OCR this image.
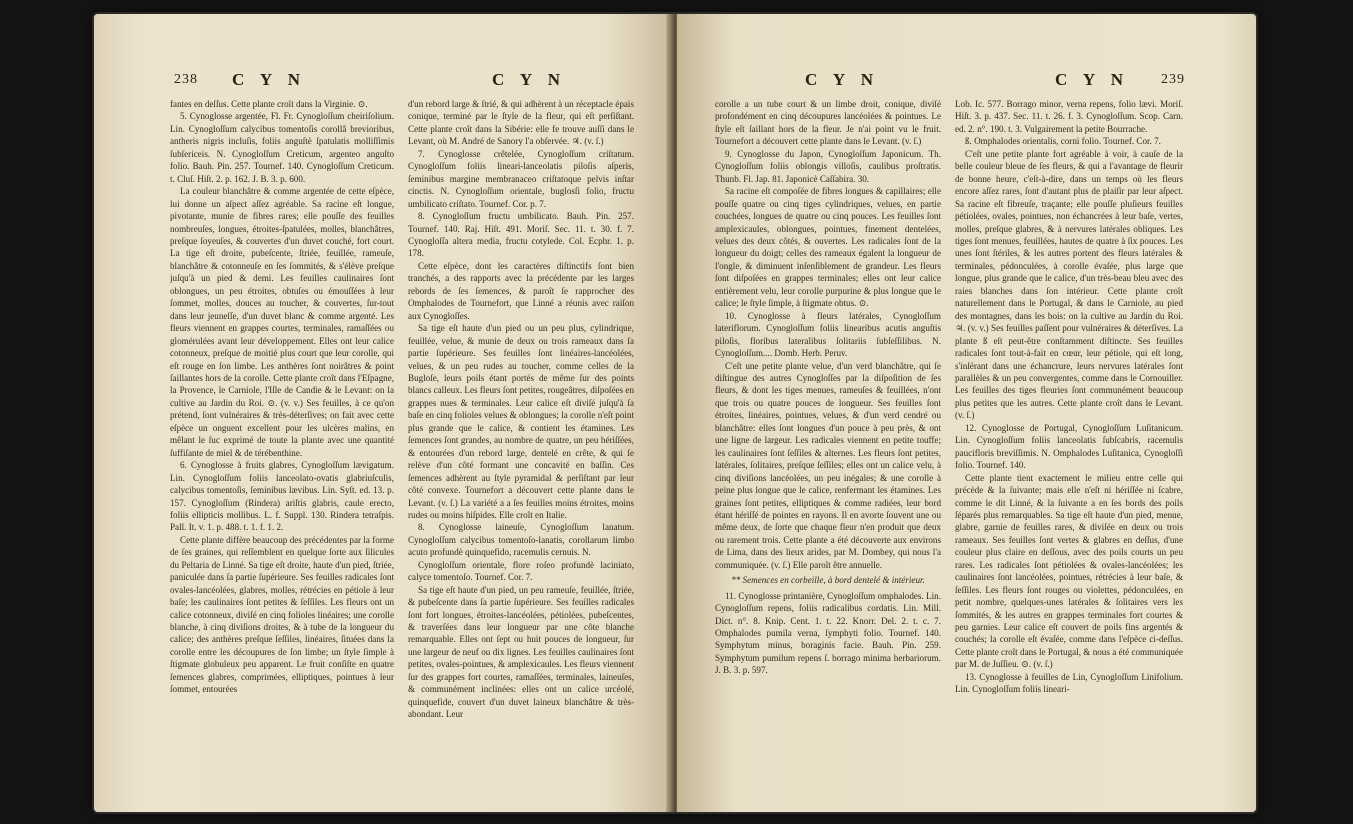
238 C Y N	C Y N

fantes en deſſus. Cette plante croît dans la Virginie. ⊙.

5. Cynoglosse argentée, Fl. Fr. Cynogloſſum cheiriſolium. Lin. Cynogloſſum calycibus tomentoſis corollâ brevioribus, antheris nigris incluſis, foliis anguſtè ſpatulatis molliſſimis ſubſericeis. N. Cynogloſſum Creticum, argenteo anguſto folio. Bauh. Pin. 257. Tournef. 140. Cynogloſſum Creticum. t. Cluſ. Hiſt. 2. p. 162. J. B. 3. p. 600.

La couleur blanchâtre & comme argentée de cette eſpèce, lui donne un aſpect aſſez agréable. Sa racine eſt longue, pivotante, munie de fibres rares; elle pouſſe des feuilles nombreuſes, longues, étroites-ſpatulées, molles, blanchâtres, preſque ſoyeuſes, & couvertes d'un duvet couché, fort court. La tige eſt droite, pubeſcente, ſtriée, feuillée, rameuſe, blanchâtre & cotonneuſe en ſes ſommités, & s'élève preſque juſqu'à un pied & demi. Les feuilles caulinaires ſont oblongues, un peu étroites, obtuſes ou émouſſées à leur ſommet, molles, douces au toucher, & couvertes, ſur-tout dans leur jeuneſſe, d'un duvet blanc & comme argenté. Les fleurs viennent en grappes courtes, terminales, ramaſſées ou glomérulées avant leur développement. Elles ont leur calice cotonneux, preſque de moitié plus court que leur corolle, qui eſt rouge en ſon limbe. Les anthères ſont noirâtres & point ſaillantes hors de la corolle. Cette plante croît dans l'Eſpagne, la Provence, le Carniole, l'Iſle de Candie & le Levant: on la cultive au Jardin du Roi. ⊙. (v. v.) Ses feuilles, à ce qu'on prétend, ſont vulnéraires & très-déterſives; on fait avec cette eſpèce un onguent excellent pour les ulcères malins, en mêlant le ſuc exprimé de toute la plante avec une quantité ſuffiſante de miel & de térébenthine.

6. Cynoglosse à fruits glabres, Cynogloſſum lævigatum. Lin. Cynogloſſum foliis lanceolato-ovatis glabriuſculis, calycibus tomentoſis, ſeminibus lævibus. Lin. Syſt. ed. 13. p. 157. Cynogloſſum (Rindera) ariſtis glabris, caule erecto, foliis ellipticis mollibus. L. f. Suppl. 130. Rindera tetraſpis. Pall. It. v. 1. p. 488. t. 1. f. 1. 2.

Cette plante diffère beaucoup des précédentes par la forme de ſes graines, qui reſſemblent en quelque ſorte aux ſilicules du Peltaria de Linné. Sa tige eſt droite, haute d'un pied, ſtriée, paniculée dans ſa partie ſupérieure. Ses feuilles radicales ſont ovales-lancéolées, glabres, molles, rétrécies en pétiole à leur baſe; les caulinaires ſont petites & ſeſſiles. Les fleurs ont un calice cotonneux, diviſé en cinq folioles linéaires; une corolle blanche, à cinq diviſions droites, & à tube de la longueur du calice; des anthères preſque ſeſſiles, linéaires, ſituées dans la corolle entre les découpures de ſon limbe; un ſtyle ſimple à ſtigmate globuleux peu apparent. Le fruit conſiſte en quatre ſemences glabres, comprimées, elliptiques, pointues à leur ſommet, entourées

d'un rebord large & ſtrié, & qui adhèrent à un réceptacle épais conique, terminé par le ſtyle de la fleur, qui eſt perſiſtant. Cette plante croît dans la Sibérie: elle fe trouve auſſi dans le Levant, où M. André de Sanory l'a obſervée. ♃. (v. ſ.)

7. Cynoglosse crêtelée, Cynogloſſum criſtatum. Cynogloſſum foliis lineari-lanceolatis piloſis aſperis, ſeminibus margine membranaceo criſtatoque pelvis inſtar cinctis. N. Cynogloſſum orientale, buglosſi folio, fructu umbilicato criſtato. Tournef. Cor. p. 7.

8. Cynogloſſum fructu umbilicato. Bauh. Pin. 257. Tournef. 140. Raj. Hiſt. 491. Moriſ. Sec. 11. t. 30. f. 7. Cynogloſſa altera media, fructu cotylede. Col. Ecphr. 1. p. 178.

Cette eſpèce, dont les caractères diſtinctifs ſont bien tranchés, a des rapports avec la précédente par les larges rebords de ſes ſemences, & paroît ſe rapprocher des Omphalodes de Tournefort, que Linné a réunis avec raiſon aux Cynogloſſes.

Sa tige eſt haute d'un pied ou un peu plus, cylindrique, feuillée, velue, & munie de deux ou trois rameaux dans ſa partie ſupérieure. Ses feuilles ſont linéaires-lancéolées, velues, & un peu rudes au toucher, comme celles de la Bugloſe, leurs poils étant portés de même ſur des points blancs calleux. Les fleurs ſont petites, rougeâtres, diſpoſées en grappes nues & terminales. Leur calice eſt diviſé juſqu'à ſa baſe en cinq folioles velues & oblongues; la corolle n'eſt point plus grande que le calice, & contient les étamines. Les ſemences ſont grandes, au nombre de quatre, un peu hériſſées, & entourées d'un rebord large, dentelé en crête, & qui ſe relève d'un côté formant une concavité en baſſin. Ces ſemences adhèrent au ſtyle pyramidal & perſiſtant par leur côté convexe. Tournefort a découvert cette plante dans le Levant. (v. ſ.) La variété a a ſes feuilles moins étroites, moins rudes ou moins hiſpides. Elle croît en Italie.

8. Cynoglosse laineuſe, Cynogloſſum lanatum. Cynogloſſum calycibus tomentoſo-lanatis, corollarum limbo acuto profundè quinquefido, racemulis cernuis. N.

Cynogloſſum orientale, flore roſeo profundè laciniato, calyce tomentoſo. Tournef. Cor. 7.

Sa tige eſt haute d'un pied, un peu rameuſe, feuillée, ſtriée, & pubeſcente dans ſa partie ſupérieure. Ses feuilles radicales ſont fort longues, étroites-lancéolées, pétiolées, pubeſcentes, & traverſées dans leur longueur par une côte blanche remarquable. Elles ont ſept ou huit pouces de longueur, ſur une largeur de neuf ou dix lignes. Les feuilles caulinaires ſont petites, ovales-pointues, & amplexicaules. Les fleurs viennent ſur des grappes fort courtes, ramaſſées, terminales, laineuſes, & communément inclinées: elles ont un calice urcéolé, quinquefide, couvert d'un duvet laineux blanchâtre & très-abondant. Leur

C Y N	C Y N 239

corolle a un tube court & un limbe droit, conique, diviſé profondément en cinq découpures lancéolées & pointues. Le ſtyle eſt ſaillant hors de la fleur. Je n'ai point vu le fruit. Tournefort a découvert cette plante dans le Levant. (v. ſ.)

9. Cynoglosse du Japon, Cynogloſſum Japonicum. Th. Cynogloſſum foliis oblongis villoſis, caulibus proſtratis. Thunb. Fl. Jap. 81. Japonicè Caſſabira. 30.

Sa racine eſt compoſée de fibres longues & capillaires; elle pouſſe quatre ou cinq tiges cylindriques, velues, en partie couchées, longues de quatre ou cinq pouces. Les feuilles ſont amplexicaules, oblongues, pointues, finement dentelées, velues des deux côtés, & ouvertes. Les radicales ſont de la longueur du doigt; celles des rameaux égalent la longueur de l'ongle, & diminuent inſenſiblement de grandeur. Les fleurs ſont diſpoſées en grappes terminales; elles ont leur calice entièrement velu, leur corolle purpurine & plus longue que le calice; le ſtyle ſimple, à ſtigmate obtus. ⊙.

10. Cynoglosse à fleurs latérales, Cynogloſſum lateriflorum. Cynogloſſum foliis linearibus acutis anguſtis piloſis, floribus lateralibus ſolitariis ſubſeſſilibus. N. Cynogloſſum.... Domb. Herb. Peruv.

C'eſt une petite plante velue, d'un verd blanchâtre, qui ſe diſtingue des autres Cynogloſſes par la diſpoſition de ſes fleurs, & dont les tiges menues, rameuſes & feuillées, n'ont que trois ou quatre pouces de longueur. Ses feuilles ſont étroites, linéaires, pointues, velues, & d'un verd cendré ou blanchâtre: elles ſont longues d'un pouce à peu près, & ont une ligne de largeur. Les radicales viennent en petite touffe; les caulinaires ſont ſeſſiles & alternes. Les fleurs ſont petites, latérales, ſolitaires, preſque ſeſſiles; elles ont un calice velu, à cinq diviſions lancéolées, un peu inégales; & une corolle à peine plus longue que le calice, renfermant les étamines. Les graines ſont petites, elliptiques & comme radiées, leur bord étant hériſſé de pointes en rayons. Il en avorte ſouvent une ou même deux, de ſorte que chaque fleur n'en produit que deux ou rarement trois. Cette plante a été découverte aux environs de Lima, dans des lieux arides, par M. Dombey, qui nous l'a communiquée. (v. ſ.) Elle paroît être annuelle.

** Semences en corbeille, à bord dentelé & intérieur.

11. Cynoglosse printanière, Cynogloſſum omphalodes. Lin. Cynogloſſum repens, foliis radicalibus cordatis. Lin. Mill. Dict. n°. 8. Knip. Cent. 1. t. 22. Knorr. Del. 2. t. c. 7. Omphalodes pumila verna, ſymphyti folio. Tournef. 140. Symphytum minus, boraginis facie. Bauh. Pin. 259. Symphytum pumilum repens ſ. borrago minima herbariorum. J. B. 3. p. 597.

Lob. Ic. 577. Borrago minor, verna repens, folio lævi. Moriſ. Hiſt. 3. p. 437. Sec. 11. t. 26. f. 3. Cynogloſſum. Scop. Carn. ed. 2. n°. 190. t. 3. Vulgairement la petite Bourrache.

ß. Omphalodes orientalis, corni folio. Tournef. Cor. 7.

C'eſt une petite plante fort agréable à voir, à cauſe de la belle couleur bleue de ſes fleurs, & qui a l'avantage de fleurir de bonne heure, c'eſt-à-dire, dans un temps où les fleurs encore aſſez rares, ſont d'autant plus de plaiſir par leur aſpect. Sa racine eſt fibreuſe, traçante; elle pouſſe pluſieurs feuilles pétiolées, ovales, pointues, non échancrées à leur baſe, vertes, molles, preſque glabres, & à nervures latérales obliques. Les tiges ſont menues, feuillées, hautes de quatre à ſix pouces. Les unes ſont ſtériles, & les autres portent des fleurs latérales & terminales, pédonculées, à corolle évaſée, plus large que longue, plus grande que le calice, d'un très-beau bleu avec des raies blanches dans ſon intérieur. Cette plante croît naturellement dans le Portugal, & dans le Carniole, au pied des montagnes, dans les bois: on la cultive au Jardin du Roi. ♃. (v. v.) Ses feuilles paſſent pour vulnéraires & déterſives. La plante ß eſt peut-être conſtamment diſtincte. Ses feuilles radicales ſont tout-à-fait en cœur, leur pétiole, qui eſt long, s'inſérant dans une échancrure, leurs nervures latérales ſont parallèles & un peu convergentes, comme dans le Cornouiller. Les feuilles des tiges fleuries ſont communément beaucoup plus petites que les autres. Cette plante croît dans le Levant. (v. ſ.)

12. Cynoglosse de Portugal, Cynogloſſum Luſitanicum. Lin. Cynogloſſum foliis lanceolatis ſubſcabris, racemulis paucifloris breviſſimis. N. Omphalodes Luſitanica, Cynogloſſi folio. Tournef. 140.

Cette plante tient exactement le milieu entre celle qui précède & la ſuivante; mais elle n'eſt ni hériſſée ni ſcabre, comme le dit Linné, & la ſuivante a en ſes bords des poils ſéparés plus remarquables. Sa tige eſt haute d'un pied, menue, glabre, garnie de feuilles rares, & diviſée en deux ou trois rameaux. Ses feuilles ſont vertes & glabres en deſſus, d'une couleur plus claire en deſſous, avec des poils courts un peu rares. Les radicales ſont pétiolées & ovales-lancéolées; les caulinaires ſont lancéolées, pointues, rétrécies à leur baſe, & ſeſſiles. Les fleurs ſont rouges ou violettes, pédonculées, en petit nombre, quelques-unes latérales & ſolitaires vers les ſommités, & les autres en grappes terminales fort courtes & peu garnies. Leur calice eſt couvert de poils fins argentés & couchés; la corolle eſt évaſée, comme dans l'eſpèce ci-deſſus. Cette plante croît dans le Portugal, & nous a été communiquée par M. de Juſſieu. ⊙. (v. ſ.)

13. Cynoglosse à feuilles de Lin, Cynogloſſum Linifolium. Lin. Cynogloſſum foliis lineari-
